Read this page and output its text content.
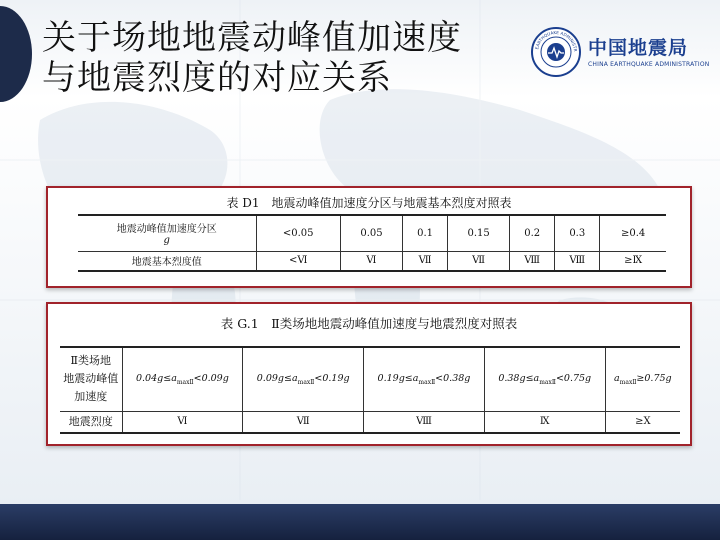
关于场地地震动峰值加速度
与地震烈度的对应关系
EARTHQUAKE ADMINISTR 中国地震局
CHINA EARTHQUAKE ADMINISTRATION
表 D1　地震动峰值加速度分区与地震基本烈度对照表
地震动峰值加速度分区
g	<0.05	0.05	0.1	0.15	0.2	0.3	≥0.4
地震基本烈度值	<Ⅵ	Ⅵ	Ⅶ	Ⅶ	Ⅷ	Ⅷ	≥Ⅸ
表 G.1　Ⅱ类场地地震动峰值加速度与地震烈度对照表
Ⅱ类场地
地震动峰值
加速度	$0.04g\le a_{maxⅡ}<0.09g$	$0.09g\le a_{maxⅡ}<0.19g$	$0.19g\le a_{maxⅡ}<0.38g$	$0.38g\le a_{maxⅡ}<0.75g$	$a_{maxⅡ}\ge 0.75g$
地震烈度	Ⅵ	Ⅶ	Ⅷ	Ⅸ	≥Ⅹ
